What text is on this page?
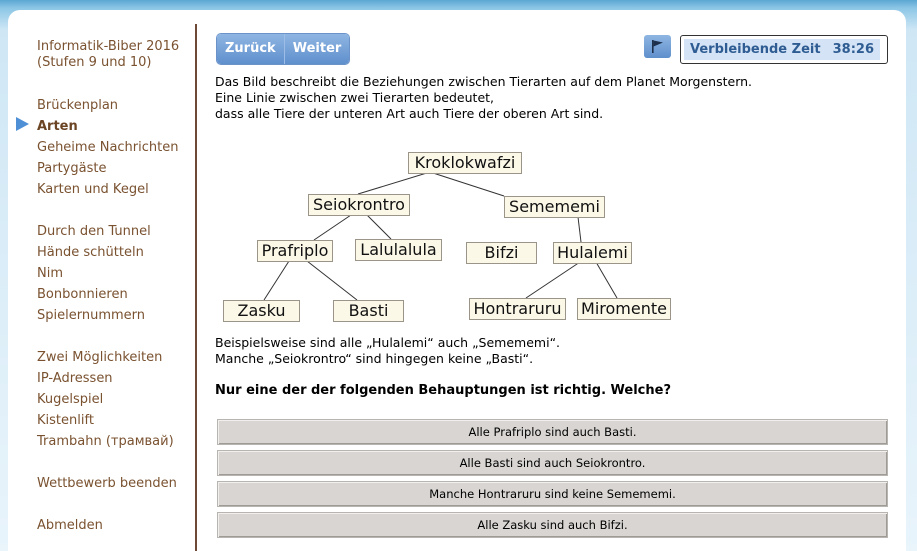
Informatik-Biber 2016
(Stufen 9 und 10)
Brückenplan
Arten
Geheime Nachrichten
Partygäste
Karten und Kegel
Durch den Tunnel
Hände schütteln
Nim
Bonbonnieren
Spielernummern
Zwei Möglichkeiten
IP-Adressen
Kugelspiel
Kistenlift
Trambahn (трамвай)
Wettbewerb beenden
Abmelden
Zurück	Weiter	Verbleibende Zeit 38:26
Das Bild beschreibt die Beziehungen zwischen Tierarten auf dem Planet Morgenstern.
Eine Linie zwischen zwei Tierarten bedeutet,
dass alle Tiere der unteren Art auch Tiere der oberen Art sind.
Kroklokwafzi
Seiokrontro	Semememi
Prafriplo	Lalulalula	Bifzi	Hulalemi
Zasku	Basti	Hontraruru Miromente
Beispielsweise sind alle „Hulalemi“ auch „Semememi“.
Manche „Seiokrontro“ sind hingegen keine „Basti“.
Nur eine der der folgenden Behauptungen ist richtig. Welche?
Alle Prafriplo sind auch Basti.
Alle Basti sind auch Seiokrontro.
Manche Hontraruru sind keine Semememi.
Alle Zasku sind auch Bifzi.
